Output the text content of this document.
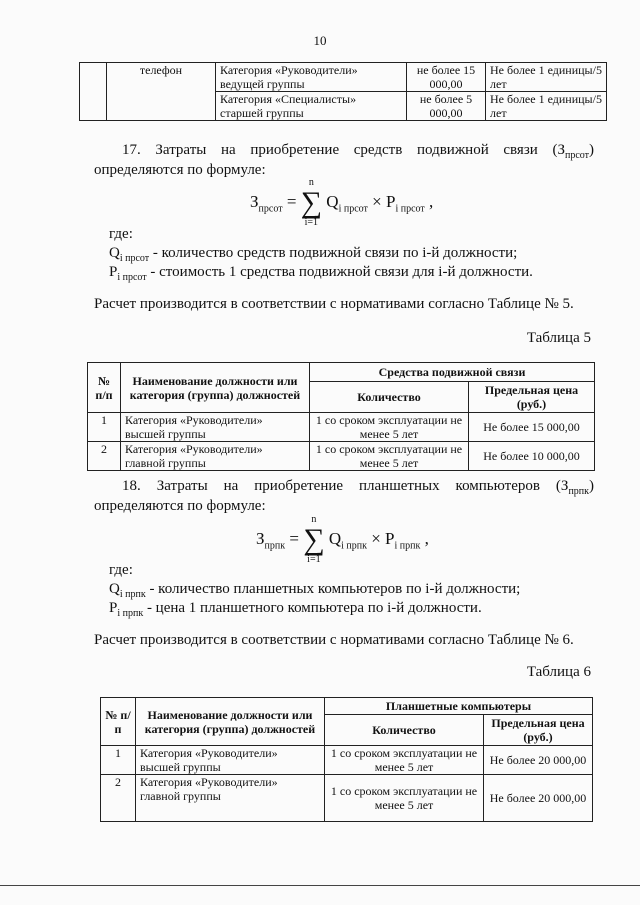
10
	телефон	Категория «Руководители» ведущей группы	не более 15 000,00	Не более 1 единицы/5 лет
		Категория «Специалисты» старшей группы	не более 5 000,00	Не более 1 единицы/5 лет
17. Затраты на приобретение средств подвижной связи $(З_{прсот})$
определяются по формуле:
$З_{прсот}$ =
n
∑
i=1
$Q_{i прсот} \times P_{i прсот}$ ,
где:
$Q_{i прсот}$ - количество средств подвижной связи по i-й должности;
$P_{i прсот}$ - стоимость 1 средства подвижной связи для i-й должности.
Расчет производится в соответствии с нормативами согласно Таблице № 5.
Таблица 5
№ п/п	Наименование должности или категория (группа) должностей	Средства подвижной связи	
		Количество	Предельная цена (руб.)
1	Категория «Руководители» высшей группы	1 со сроком эксплуатации не менее 5 лет	Не более 15 000,00
2	Категория «Руководители» главной группы	1 со сроком эксплуатации не менее 5 лет	Не более 10 000,00
18. Затраты на приобретение планшетных компьютеров $(З_{прпк})$
определяются по формуле:
$З_{прпк}$ =
n
∑
i=1
$Q_{i прпк} \times P_{i прпк}$ ,
где:
$Q_{i прпк}$ - количество планшетных компьютеров по i-й должности;
$P_{i прпк}$ - цена 1 планшетного компьютера по i-й должности.
Расчет производится в соответствии с нормативами согласно Таблице № 6.
Таблица 6
№ п/п	Наименование должности или категория (группа) должностей	Планшетные компьютеры	
		Количество	Предельная цена (руб.)
1	Категория «Руководители» высшей группы	1 со сроком эксплуатации не менее 5 лет	Не более 20 000,00
2	Категория «Руководители» главной группы	1 со сроком эксплуатации не менее 5 лет	Не более 20 000,00
